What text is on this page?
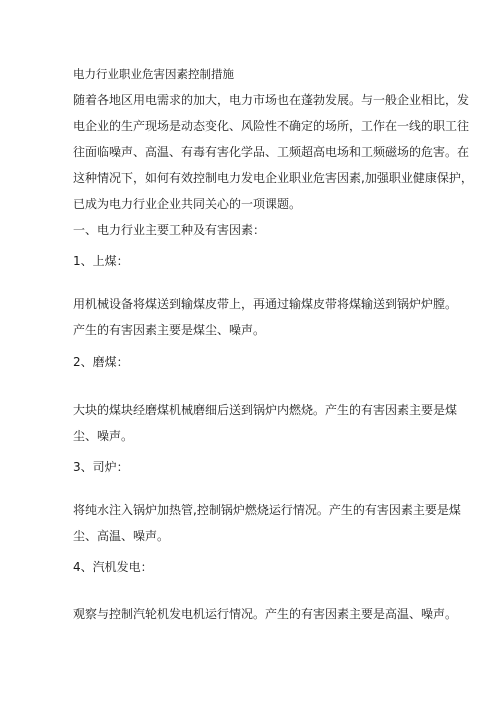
电力行业职业危害因素控制措施
随着各地区用电需求的加大，电力市场也在蓬勃发展。与一般企业相比，发
电企业的生产现场是动态变化、风险性不确定的场所，工作在一线的职工往
往面临噪声、高温、有毒有害化学品、工频超高电场和工频磁场的危害。在
这种情况下，如何有效控制电力发电企业职业危害因素,加强职业健康保护，
已成为电力行业企业共同关心的一项课题。
一、电力行业主要工种及有害因素：
1、上煤：
用机械设备将煤送到输煤皮带上，再通过输煤皮带将煤输送到锅炉炉膛。
产生的有害因素主要是煤尘、噪声。
2、磨煤：
大块的煤块经磨煤机械磨细后送到锅炉内燃烧。产生的有害因素主要是煤
尘、噪声。
3、司炉：
将纯水注入锅炉加热管,控制锅炉燃烧运行情况。产生的有害因素主要是煤
尘、高温、噪声。
4、汽机发电：
观察与控制汽轮机发电机运行情况。产生的有害因素主要是高温、噪声。
